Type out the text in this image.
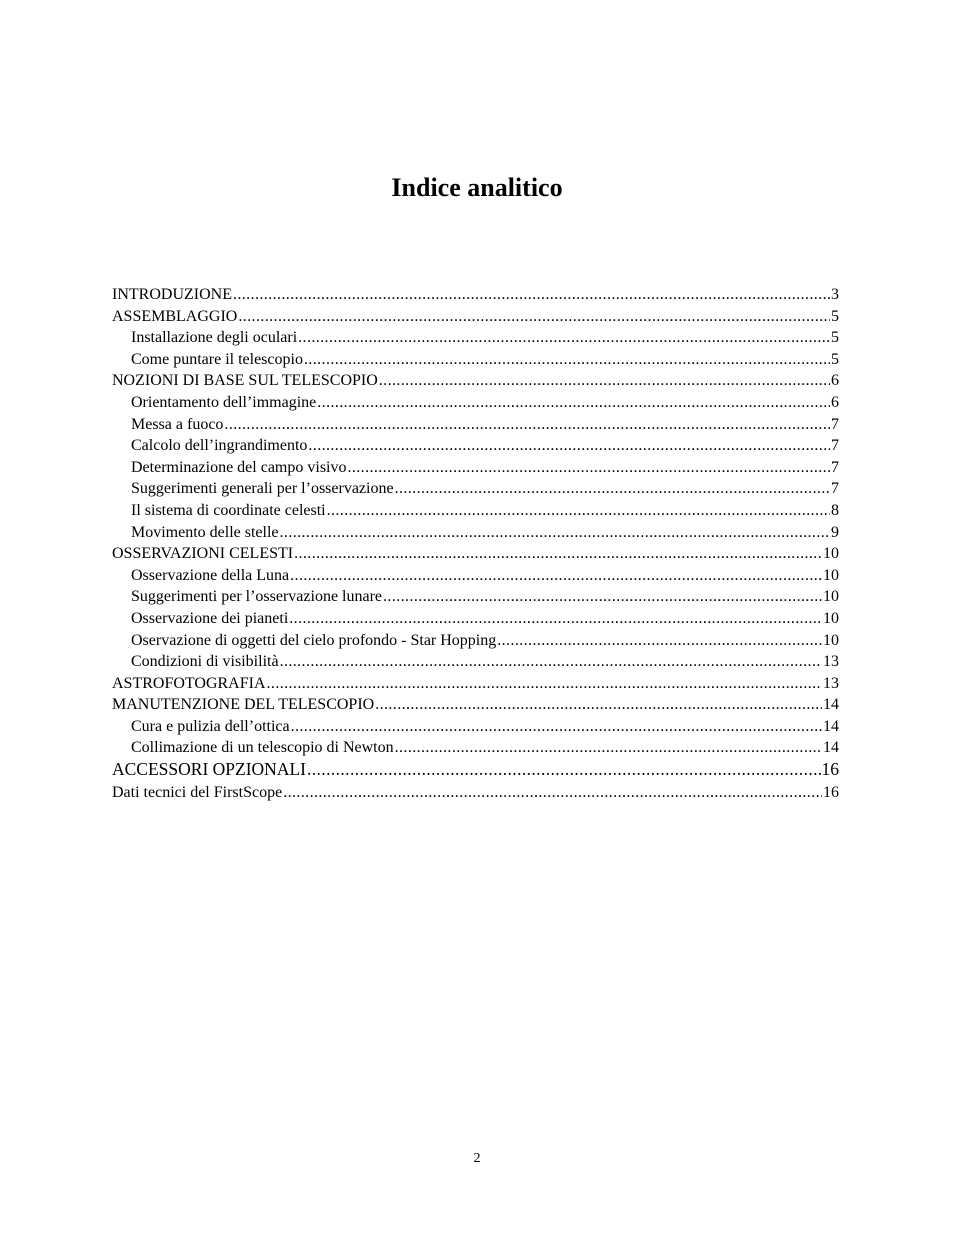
Indice analitico
INTRODUZIONE .....	3
ASSEMBLAGGIO .....	5
Installazione degli oculari .....	5
Come puntare il telescopio .....	5
NOZIONI DI BASE SUL TELESCOPIO .....	6
Orientamento dell’immagine .....	6
Messa a fuoco .....	7
Calcolo dell’ingrandimento .....	7
Determinazione del campo visivo .....	7
Suggerimenti generali per l’osservazione .....	7
Il sistema di coordinate celesti .....	8
Movimento delle stelle .....	9
OSSERVAZIONI CELESTI .....	10
Osservazione della Luna .....	10
Suggerimenti per l’osservazione lunare .....	10
Osservazione dei pianeti .....	10
Oservazione di oggetti del cielo profondo - Star Hopping .....	10
Condizioni di visibilità .....	13
ASTROFOTOGRAFIA .....	13
MANUTENZIONE DEL TELESCOPIO .....	14
Cura e pulizia dell’ottica .....	14
Collimazione di un telescopio di Newton .....	14
ACCESSORI OPZIONALI .....	16
Dati tecnici del FirstScope .....	16
2
